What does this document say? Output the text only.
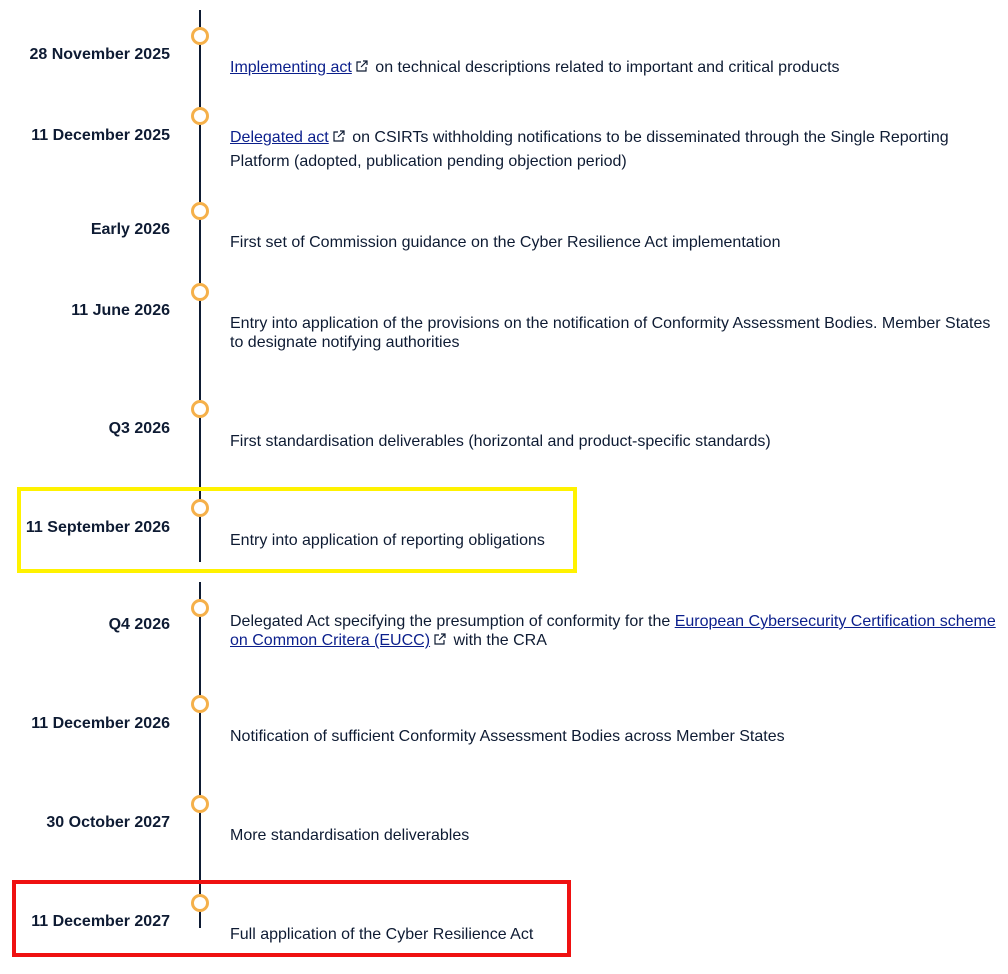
28 November 2025
Implementing act on technical descriptions related to important and critical products
11 December 2025	Delegated act on CSIRTs withholding notifications to be disseminated through the Single Reporting Platform (adopted, publication pending objection period)
Early 2026
First set of Commission guidance on the Cyber Resilience Act implementation
11 June 2026
Entry into application of the provisions on the notification of Conformity Assessment Bodies. Member States to designate notifying authorities
Q3 2026
First standardisation deliverables (horizontal and product-specific standards)
11 September 2026
Entry into application of reporting obligations
Q4 2026	Delegated Act specifying the presumption of conformity for the European Cybersecurity Certification scheme on Common Critera (EUCC) with the CRA
11 December 2026
Notification of sufficient Conformity Assessment Bodies across Member States
30 October 2027
More standardisation deliverables
11 December 2027
Full application of the Cyber Resilience Act
